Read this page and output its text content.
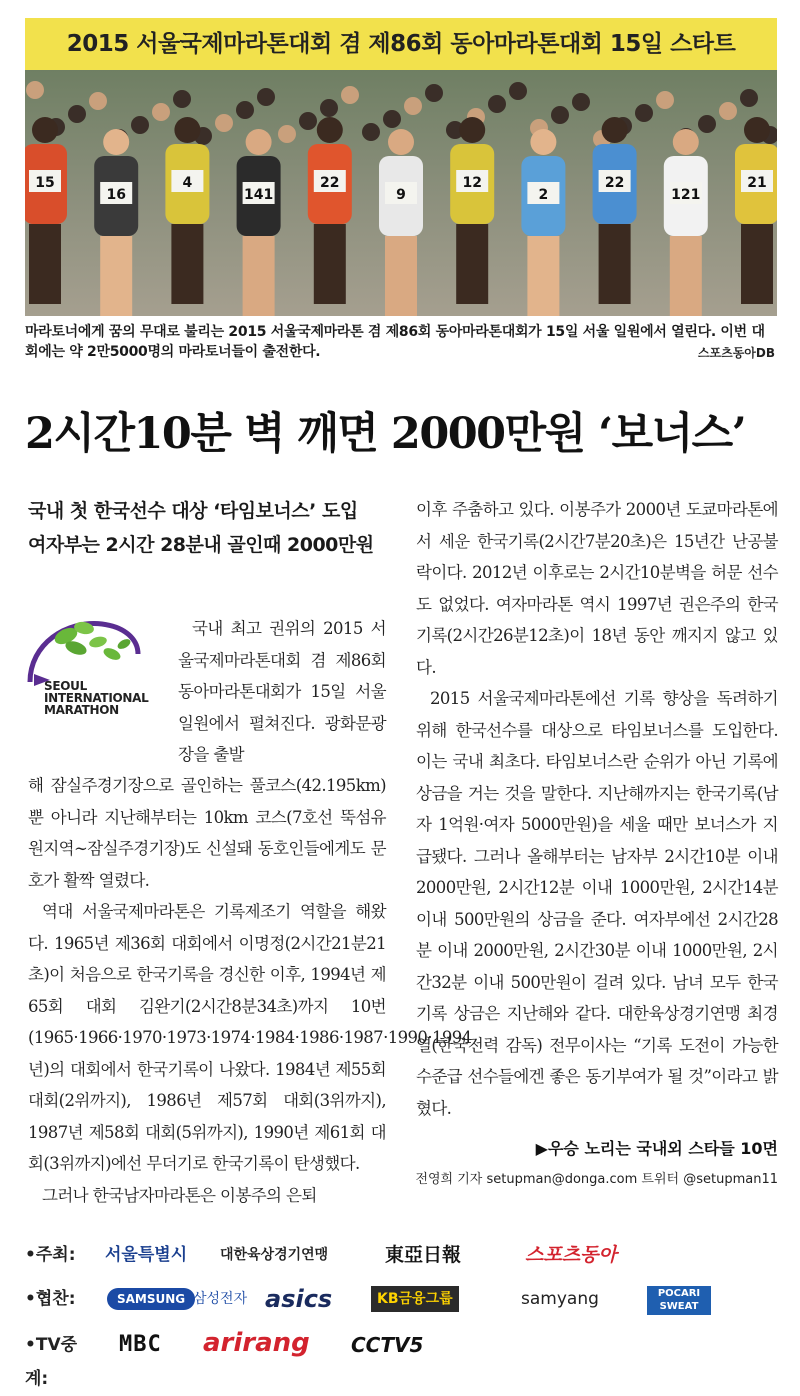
2015 서울국제마라톤대회 겸 제86회 동아마라톤대회 15일 스타트
15
16
4
141
22
9
12
2
22
121
21
마라토너에게 꿈의 무대로 불리는 2015 서울국제마라톤 겸 제86회 동아마라톤대회가 15일 서울 일원에서 열린다. 이번 대회에는 약 2만5000명의 마라토너들이 출전한다.	스포츠동아DB
2시간10분 벽 깨면 2000만원 ‘보너스’
국내 첫 한국선수 대상 ‘타임보너스’ 도입
여자부는 2시간 28분내 골인때 2000만원
SEOUL
INTERNATIONAL
MARATHON

국내 최고 권위의 2015 서울국제마라톤대회 겸 제86회 동아마라톤대회가 15일 서울 일원에서 펼쳐진다. 광화문광장을 출발

해 잠실주경기장으로 골인하는 풀코스(42.195km)뿐 아니라 지난해부터는 10km 코스(7호선 뚝섬유원지역∼잠실주경기장)도 신설돼 동호인들에게도 문호가 활짝 열렸다.

역대 서울국제마라톤은 기록제조기 역할을 해왔다. 1965년 제36회 대회에서 이명정(2시간21분21초)이 처음으로 한국기록을 경신한 이후, 1994년 제65회 대회 김완기(2시간8분34초)까지 10번(1965·1966·1970·1973·1974·1984·1986·1987·1990·1994년)의 대회에서 한국기록이 나왔다. 1984년 제55회 대회(2위까지), 1986년 제57회 대회(3위까지), 1987년 제58회 대회(5위까지), 1990년 제61회 대회(3위까지)에선 무더기로 한국기록이 탄생했다.

그러나 한국남자마라톤은 이봉주의 은퇴

이후 주춤하고 있다. 이봉주가 2000년 도쿄마라톤에서 세운 한국기록(2시간7분20초)은 15년간 난공불락이다. 2012년 이후로는 2시간10분벽을 허문 선수도 없었다. 여자마라톤 역시 1997년 권은주의 한국기록(2시간26분12초)이 18년 동안 깨지지 않고 있다.

2015 서울국제마라톤에선 기록 향상을 독려하기 위해 한국선수를 대상으로 타임보너스를 도입한다. 이는 국내 최초다. 타임보너스란 순위가 아닌 기록에 상금을 거는 것을 말한다. 지난해까지는 한국기록(남자 1억원·여자 5000만원)을 세울 때만 보너스가 지급됐다. 그러나 올해부터는 남자부 2시간10분 이내 2000만원, 2시간12분 이내 1000만원, 2시간14분 이내 500만원의 상금을 준다. 여자부에선 2시간28분 이내 2000만원, 2시간30분 이내 1000만원, 2시간32분 이내 500만원이 걸려 있다. 남녀 모두 한국기록 상금은 지난해와 같다. 대한육상경기연맹 최경열(한국전력 감독) 전무이사는 “기록 도전이 가능한 수준급 선수들에겐 좋은 동기부여가 될 것”이라고 밝혔다.

▶우승 노리는 국내외 스타들 10면
전영희 기자 setupman@donga.com 트위터 @setupman11
•주최: 서울특별시 대한육상경기연맹	東亞日報	스포츠동아
•협찬:	SAMSUNG 삼성전자 asics	KB금융그룹	samyang	POCARI SWEAT
•TV중계:
MBC arirang CCTV5
